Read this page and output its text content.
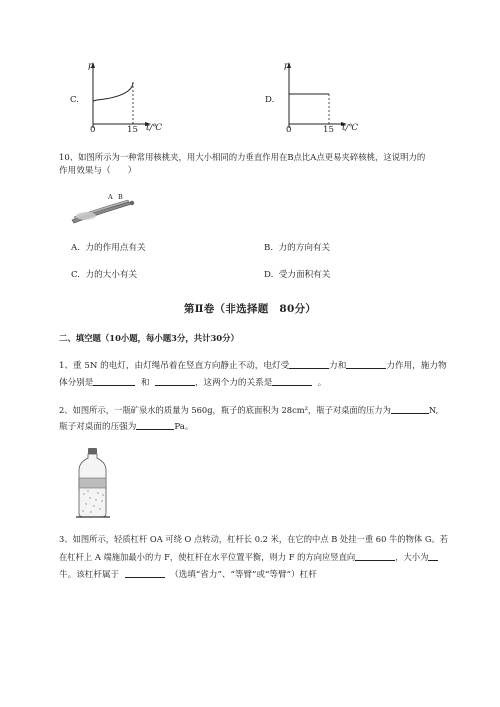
C.
p
0	15 t/℃
D.
p
0	15 t/℃
10、如图所示为一种常用核桃夹，用大小相同的力垂直作用在B点比A点更易夹碎核桃，这说明力的
作用效果与（　　）
A B
A. 力的作用点有关	B. 力的方向有关
C. 力的大小有关	D. 受力面积有关
第Ⅱ卷（非选择题　80分）
二、填空题（10小题，每小题3分，共计30分）
1、重 5N 的电灯，由灯绳吊着在竖直方向静止不动，电灯受	力和	力作用，施力物
体分别是	和	，这两个力的关系是	。
2、如图所示，一瓶矿泉水的质量为 560g，瓶子的底面积为 28cm²，瓶子对桌面的压力为	N,
瓶子对桌面的压强为	Pa。
3、如图所示，轻质杠杆 OA 可绕 O 点转动，杠杆长 0.2 米，在它的中点 B 处挂一重 60 牛的物体 G。若
在杠杆上 A 端施加最小的力 F，使杠杆在水平位置平衡，则力 F 的方向应竖直向	，大小为
牛。该杠杆属于	（选填“省力”、“等臂”或“等臂”）杠杆
